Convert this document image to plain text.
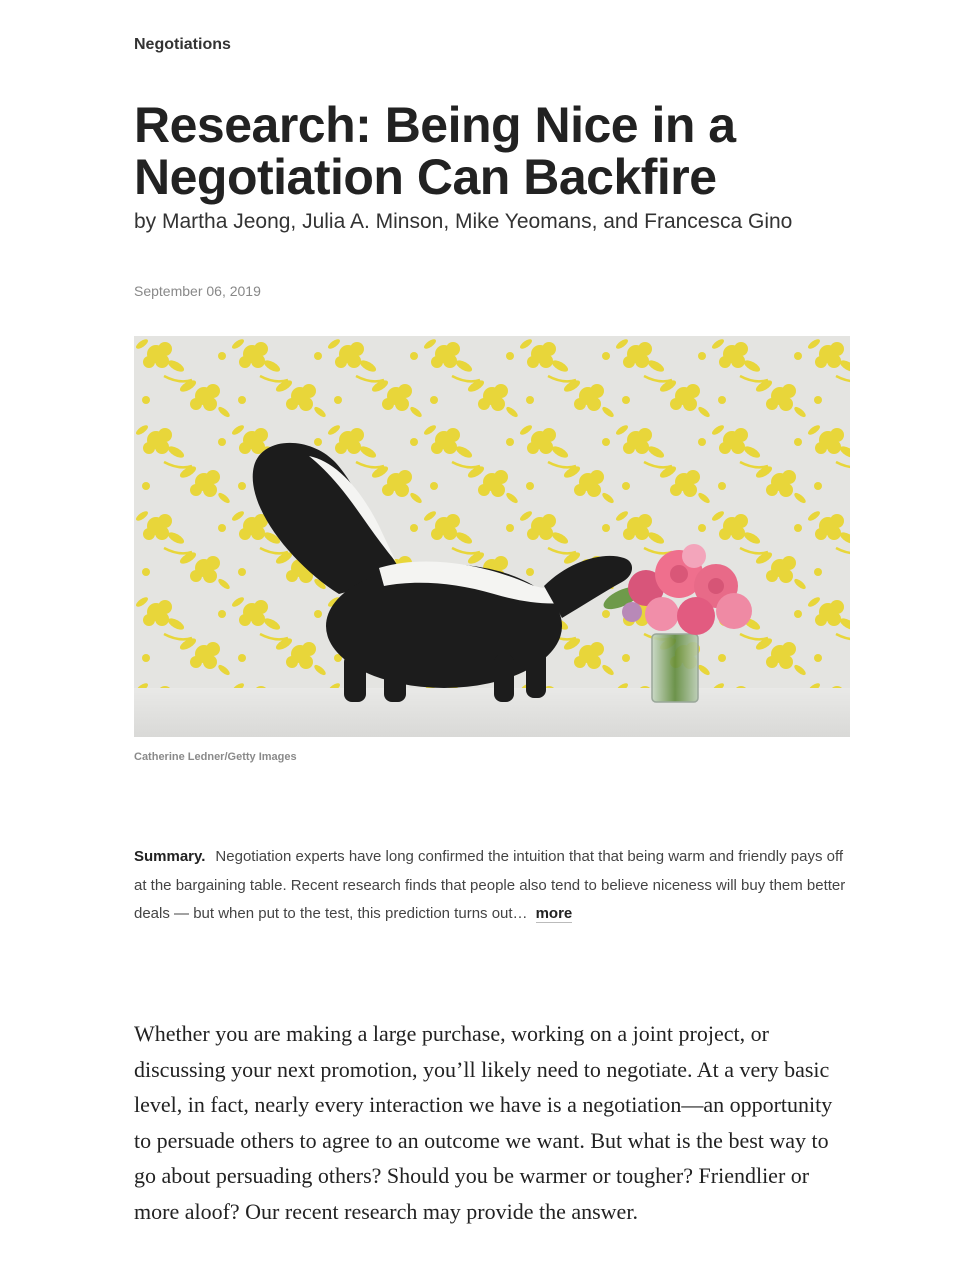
Negotiations
Research: Being Nice in a Negotiation Can Backfire
by Martha Jeong, Julia A. Minson, Mike Yeomans, and Francesca Gino
September 06, 2019
Catherine Ledner/Getty Images
Summary. Negotiation experts have long confirmed the intuition that that being warm and friendly pays off at the bargaining table. Recent research finds that people also tend to believe niceness will buy them better deals — but when put to the test, this prediction turns out… more

Whether you are making a large purchase, working on a joint project, or discussing your next promotion, you’ll likely need to negotiate. At a very basic level, in fact, nearly every interaction we have is a negotiation—an opportunity to persuade others to agree to an outcome we want. But what is the best way to go about persuading others? Should you be warmer or tougher? Friendlier or more aloof? Our recent research may provide the answer.
